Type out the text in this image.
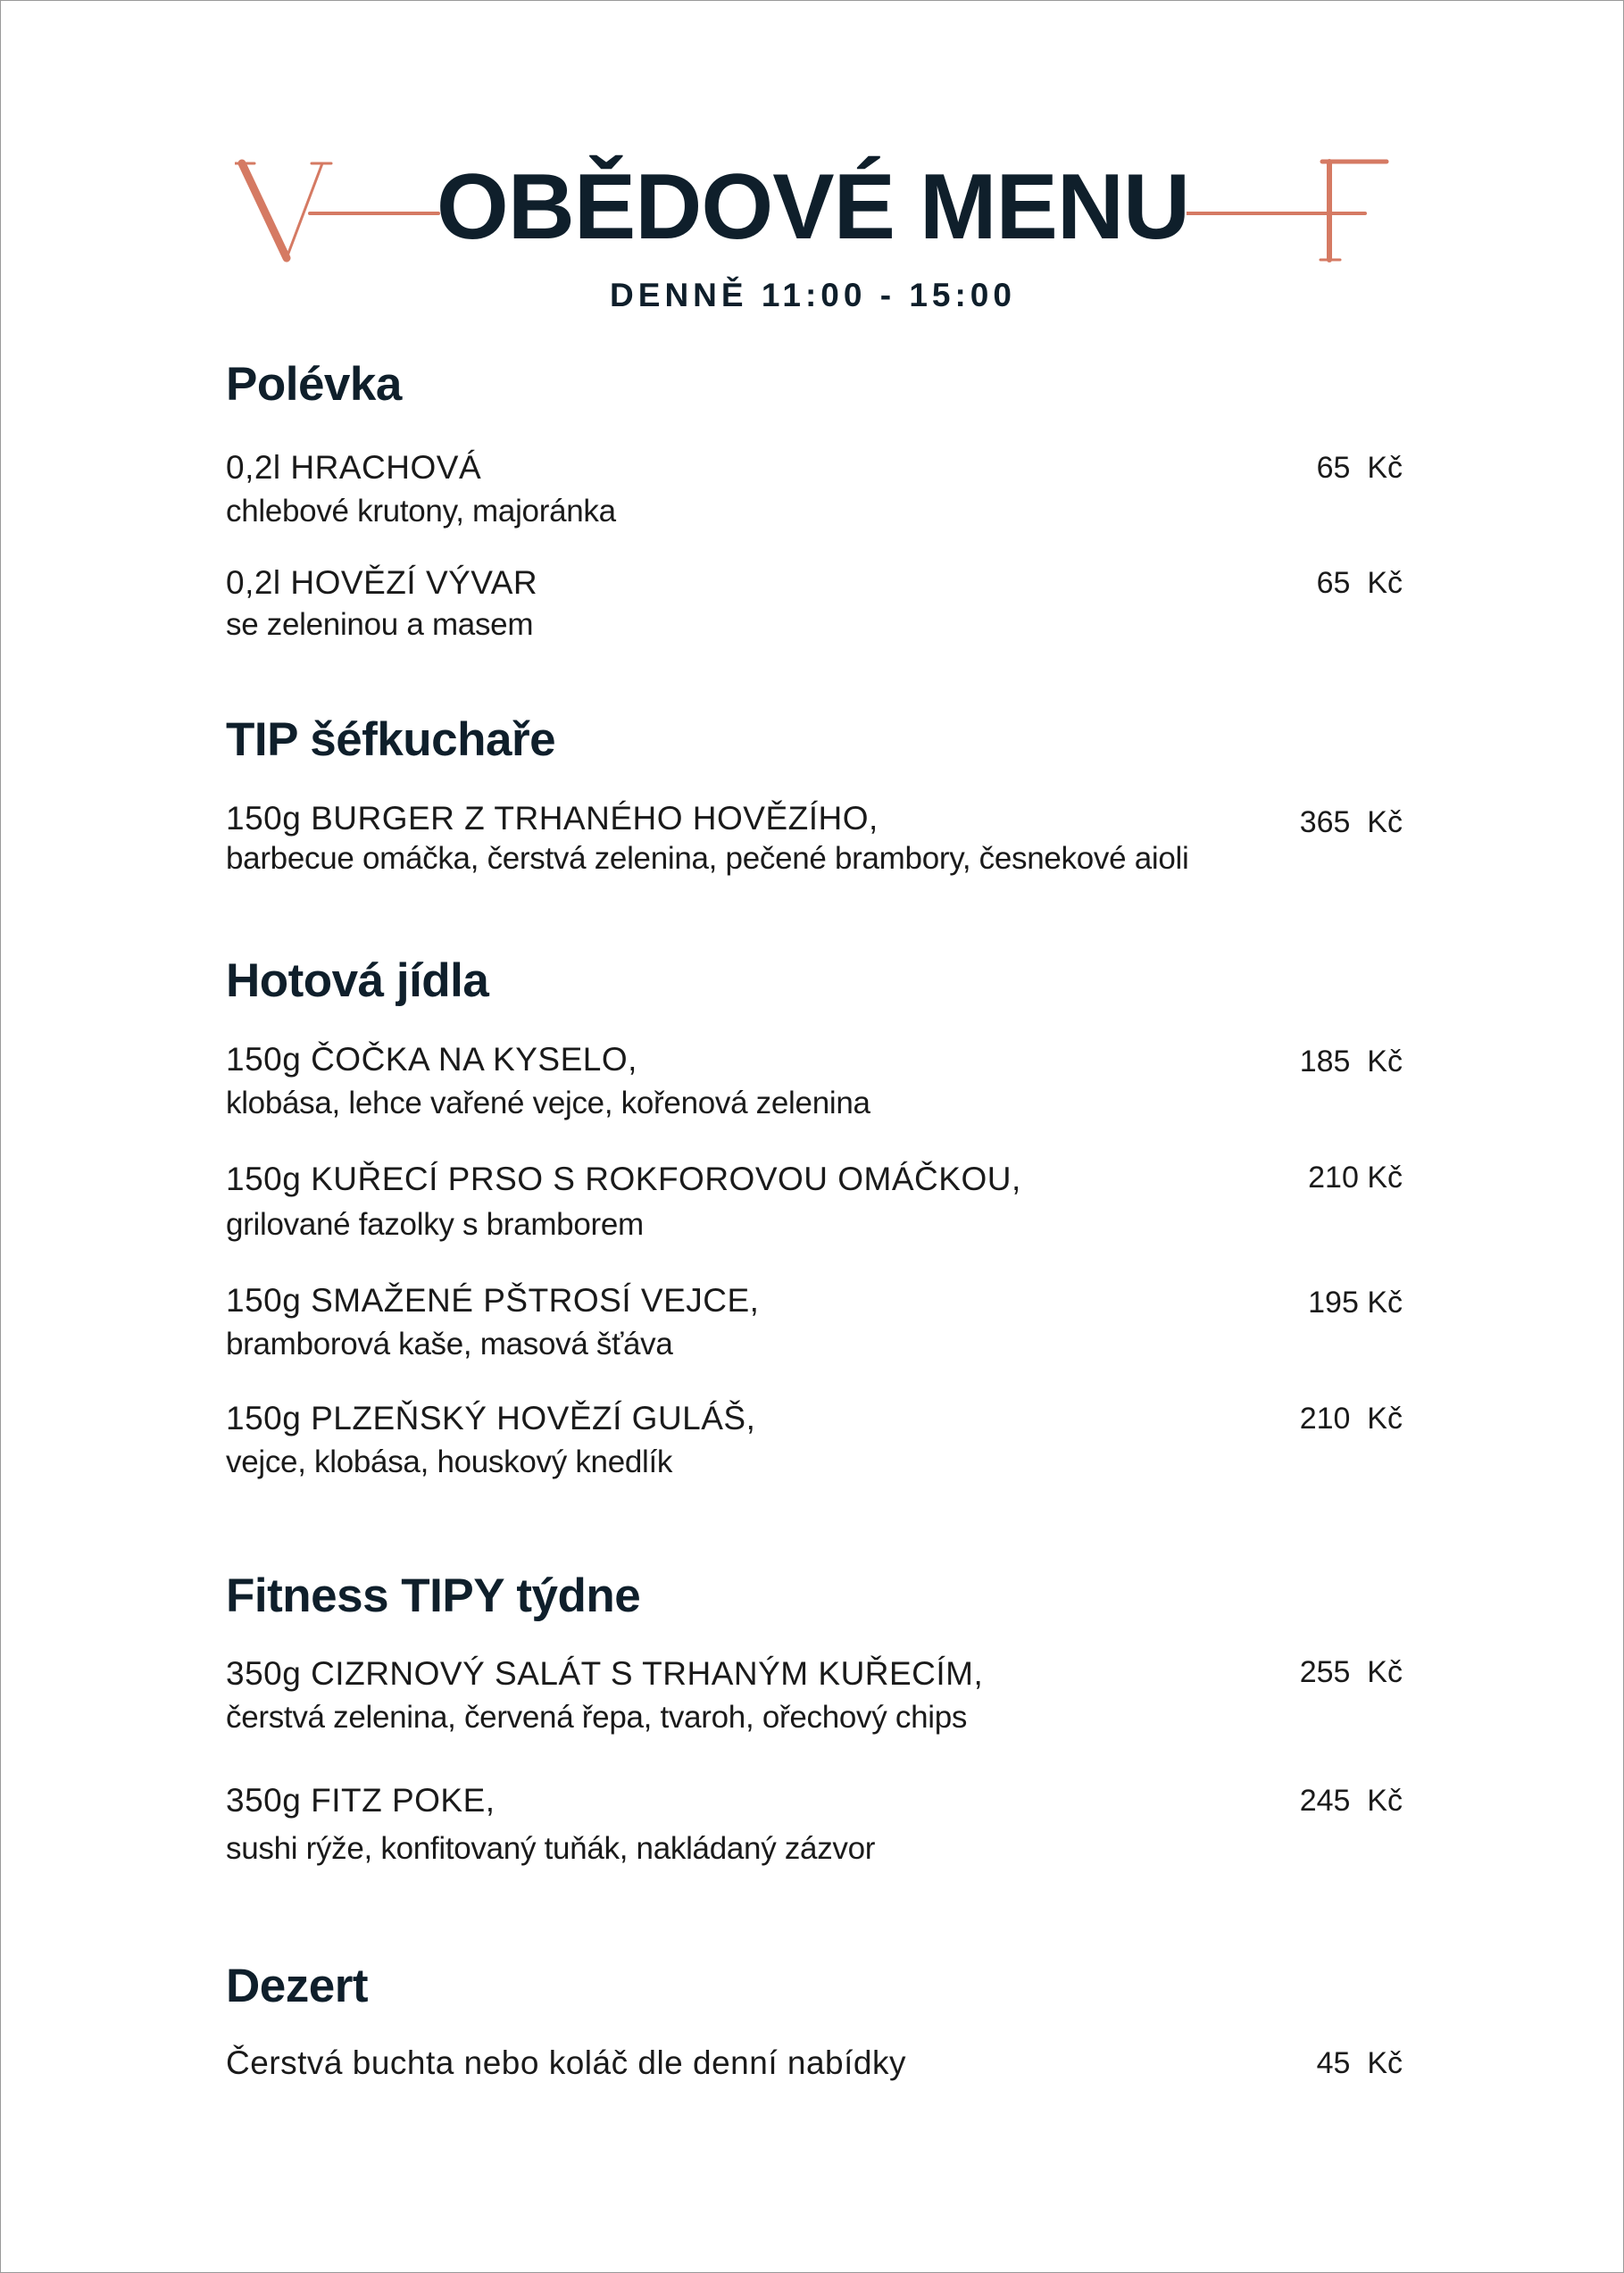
OBĚDOVÉ MENU
DENNĚ 11:00 - 15:00
Polévka
0,2l HRACHOVÁ	65  Kč
chlebové krutony, majoránka
0,2l HOVĚZÍ VÝVAR	65  Kč
se zeleninou a masem
TIP šéfkuchaře
150g BURGER Z TRHANÉHO HOVĚZÍHO,	365  Kč
barbecue omáčka, čerstvá zelenina, pečené brambory, česnekové aioli
Hotová jídla
150g ČOČKA NA KYSELO,	185  Kč
klobása, lehce vařené vejce, kořenová zelenina
150g KUŘECÍ PRSO S ROKFOROVOU OMÁČKOU,	210 Kč
grilované fazolky s bramborem
150g SMAŽENÉ PŠTROSÍ VEJCE,	195 Kč
bramborová kaše, masová šťáva
150g PLZEŇSKÝ HOVĚZÍ GULÁŠ,	210  Kč
vejce, klobása, houskový knedlík
Fitness TIPY týdne
350g CIZRNOVÝ SALÁT S TRHANÝM KUŘECÍM,	255  Kč
čerstvá zelenina, červená řepa, tvaroh, ořechový chips
350g FITZ POKE,	245  Kč
sushi rýže, konfitovaný tuňák, nakládaný zázvor
Dezert
Čerstvá buchta nebo koláč dle denní nabídky	45  Kč
